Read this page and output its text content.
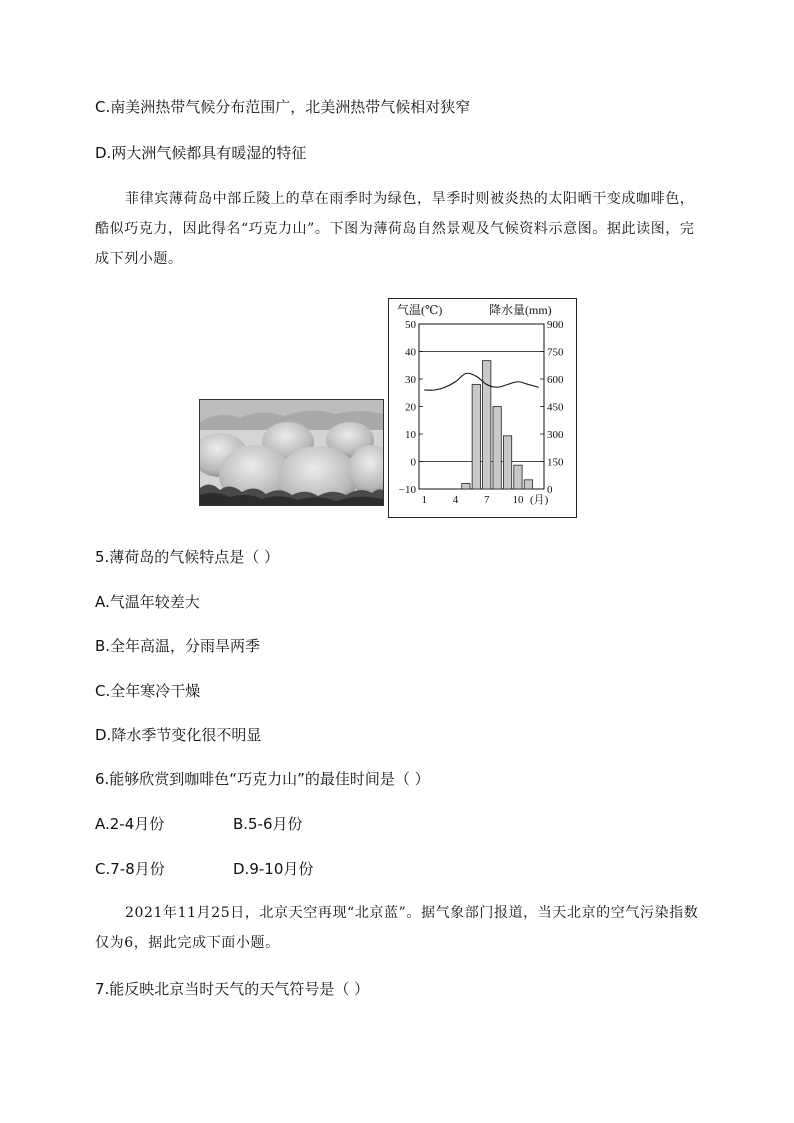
C.南美洲热带气候分布范围广，北美洲热带气候相对狭窄
D.两大洲气候都具有暖湿的特征
菲律宾薄荷岛中部丘陵上的草在雨季时为绿色，旱季时则被炎热的太阳晒干变成咖啡色，酷似巧克力，因此得名“巧克力山”。下图为薄荷岛自然景观及气候资料示意图。据此读图，完成下列小题。
气温(℃)	降水量(mm)
50
40
30
20
10
0
−10
900
750
600
450
300
150
0
1 4 7 10 (月)
5.薄荷岛的气候特点是（ ）
A.气温年较差大
B.全年高温，分雨旱两季
C.全年寒冷干燥
D.降水季节变化很不明显
6.能够欣赏到咖啡色“巧克力山”的最佳时间是（ ）
A.2-4月份	B.5-6月份
C.7-8月份	D.9-10月份
2021年11月25日，北京天空再现“北京蓝”。据气象部门报道，当天北京的空气污染指数仅为6，据此完成下面小题。
7.能反映北京当时天气的天气符号是（ ）
